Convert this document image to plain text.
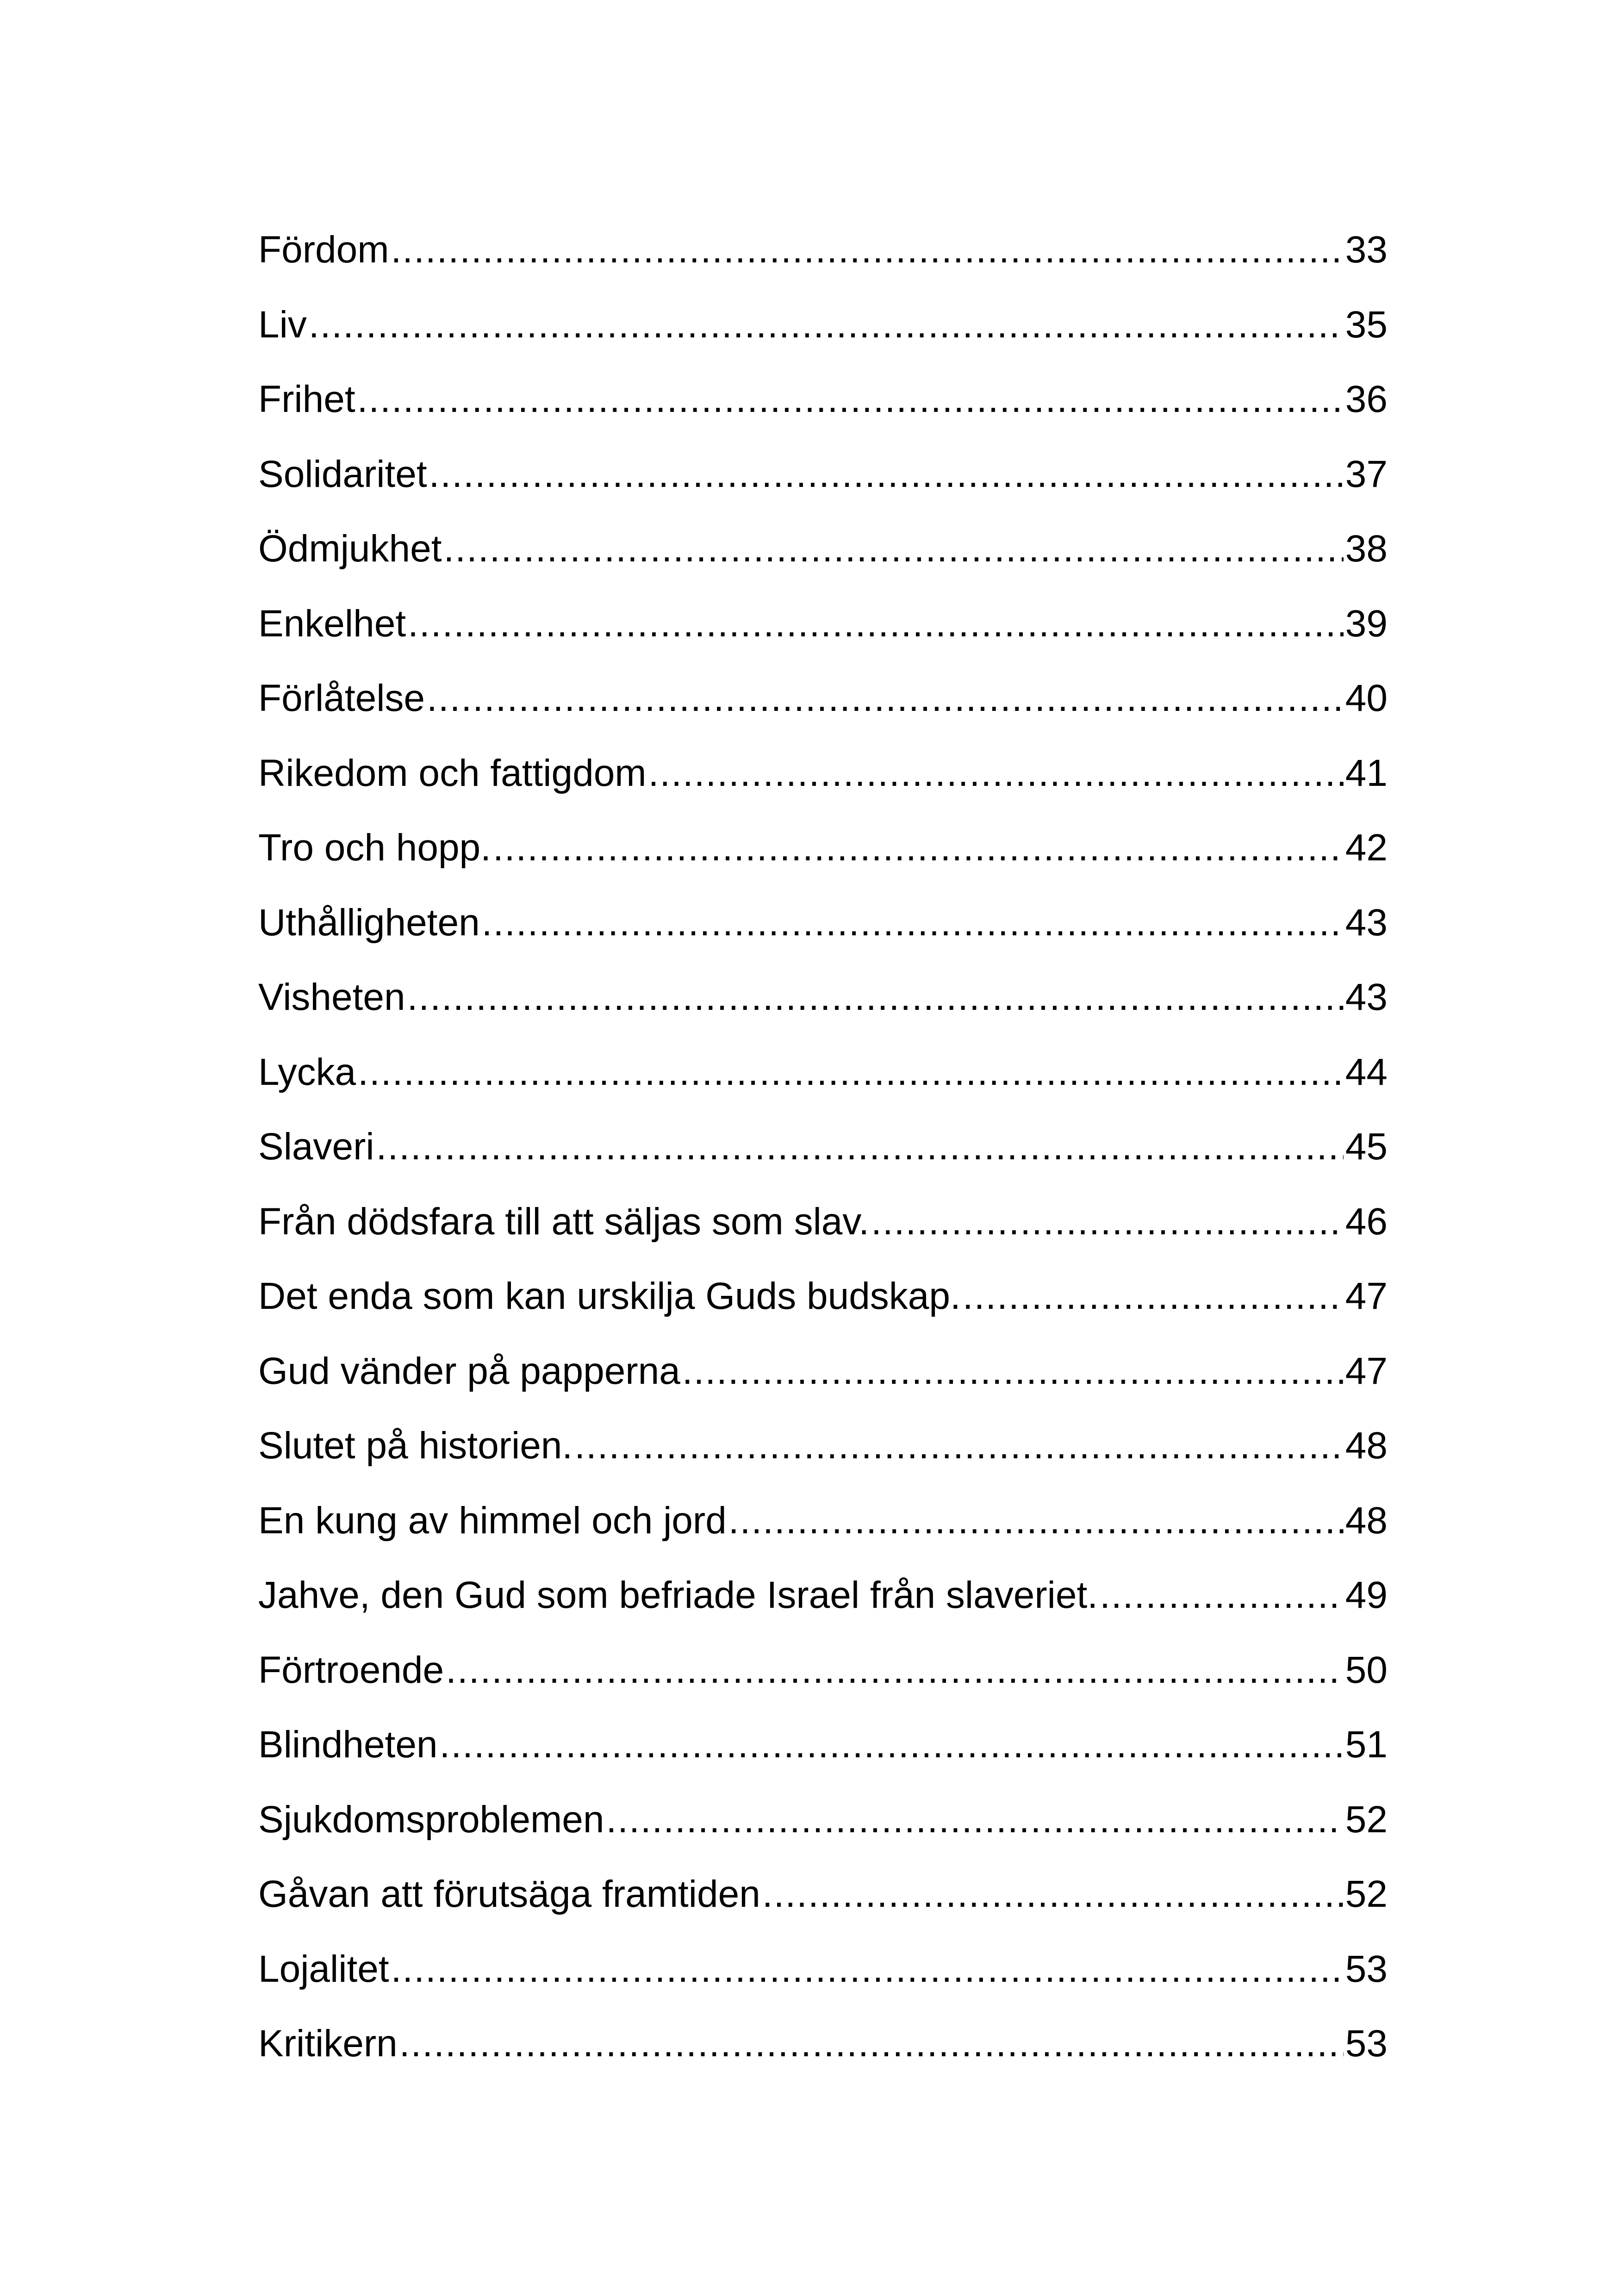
Fördom .....	33
Liv .....	35
Frihet .....	36
Solidaritet .....	37
Ödmjukhet .....	38
Enkelhet .....	39
Förlåtelse .....	40
Rikedom och fattigdom .....	41
Tro och hopp. .....	42
Uthålligheten .....	43
Visheten .....	43
Lycka .....	44
Slaveri .....	45
Från dödsfara till att säljas som slav. .....	46
Det enda som kan urskilja Guds budskap. .....	47
Gud vänder på papperna .....	47
Slutet på historien. .....	48
En kung av himmel och jord .....	48
Jahve, den Gud som befriade Israel från slaveriet. .....	49
Förtroende .....	50
Blindheten .....	51
Sjukdomsproblemen .....	52
Gåvan att förutsäga framtiden .....	52
Lojalitet .....	53
Kritikern .....	53
